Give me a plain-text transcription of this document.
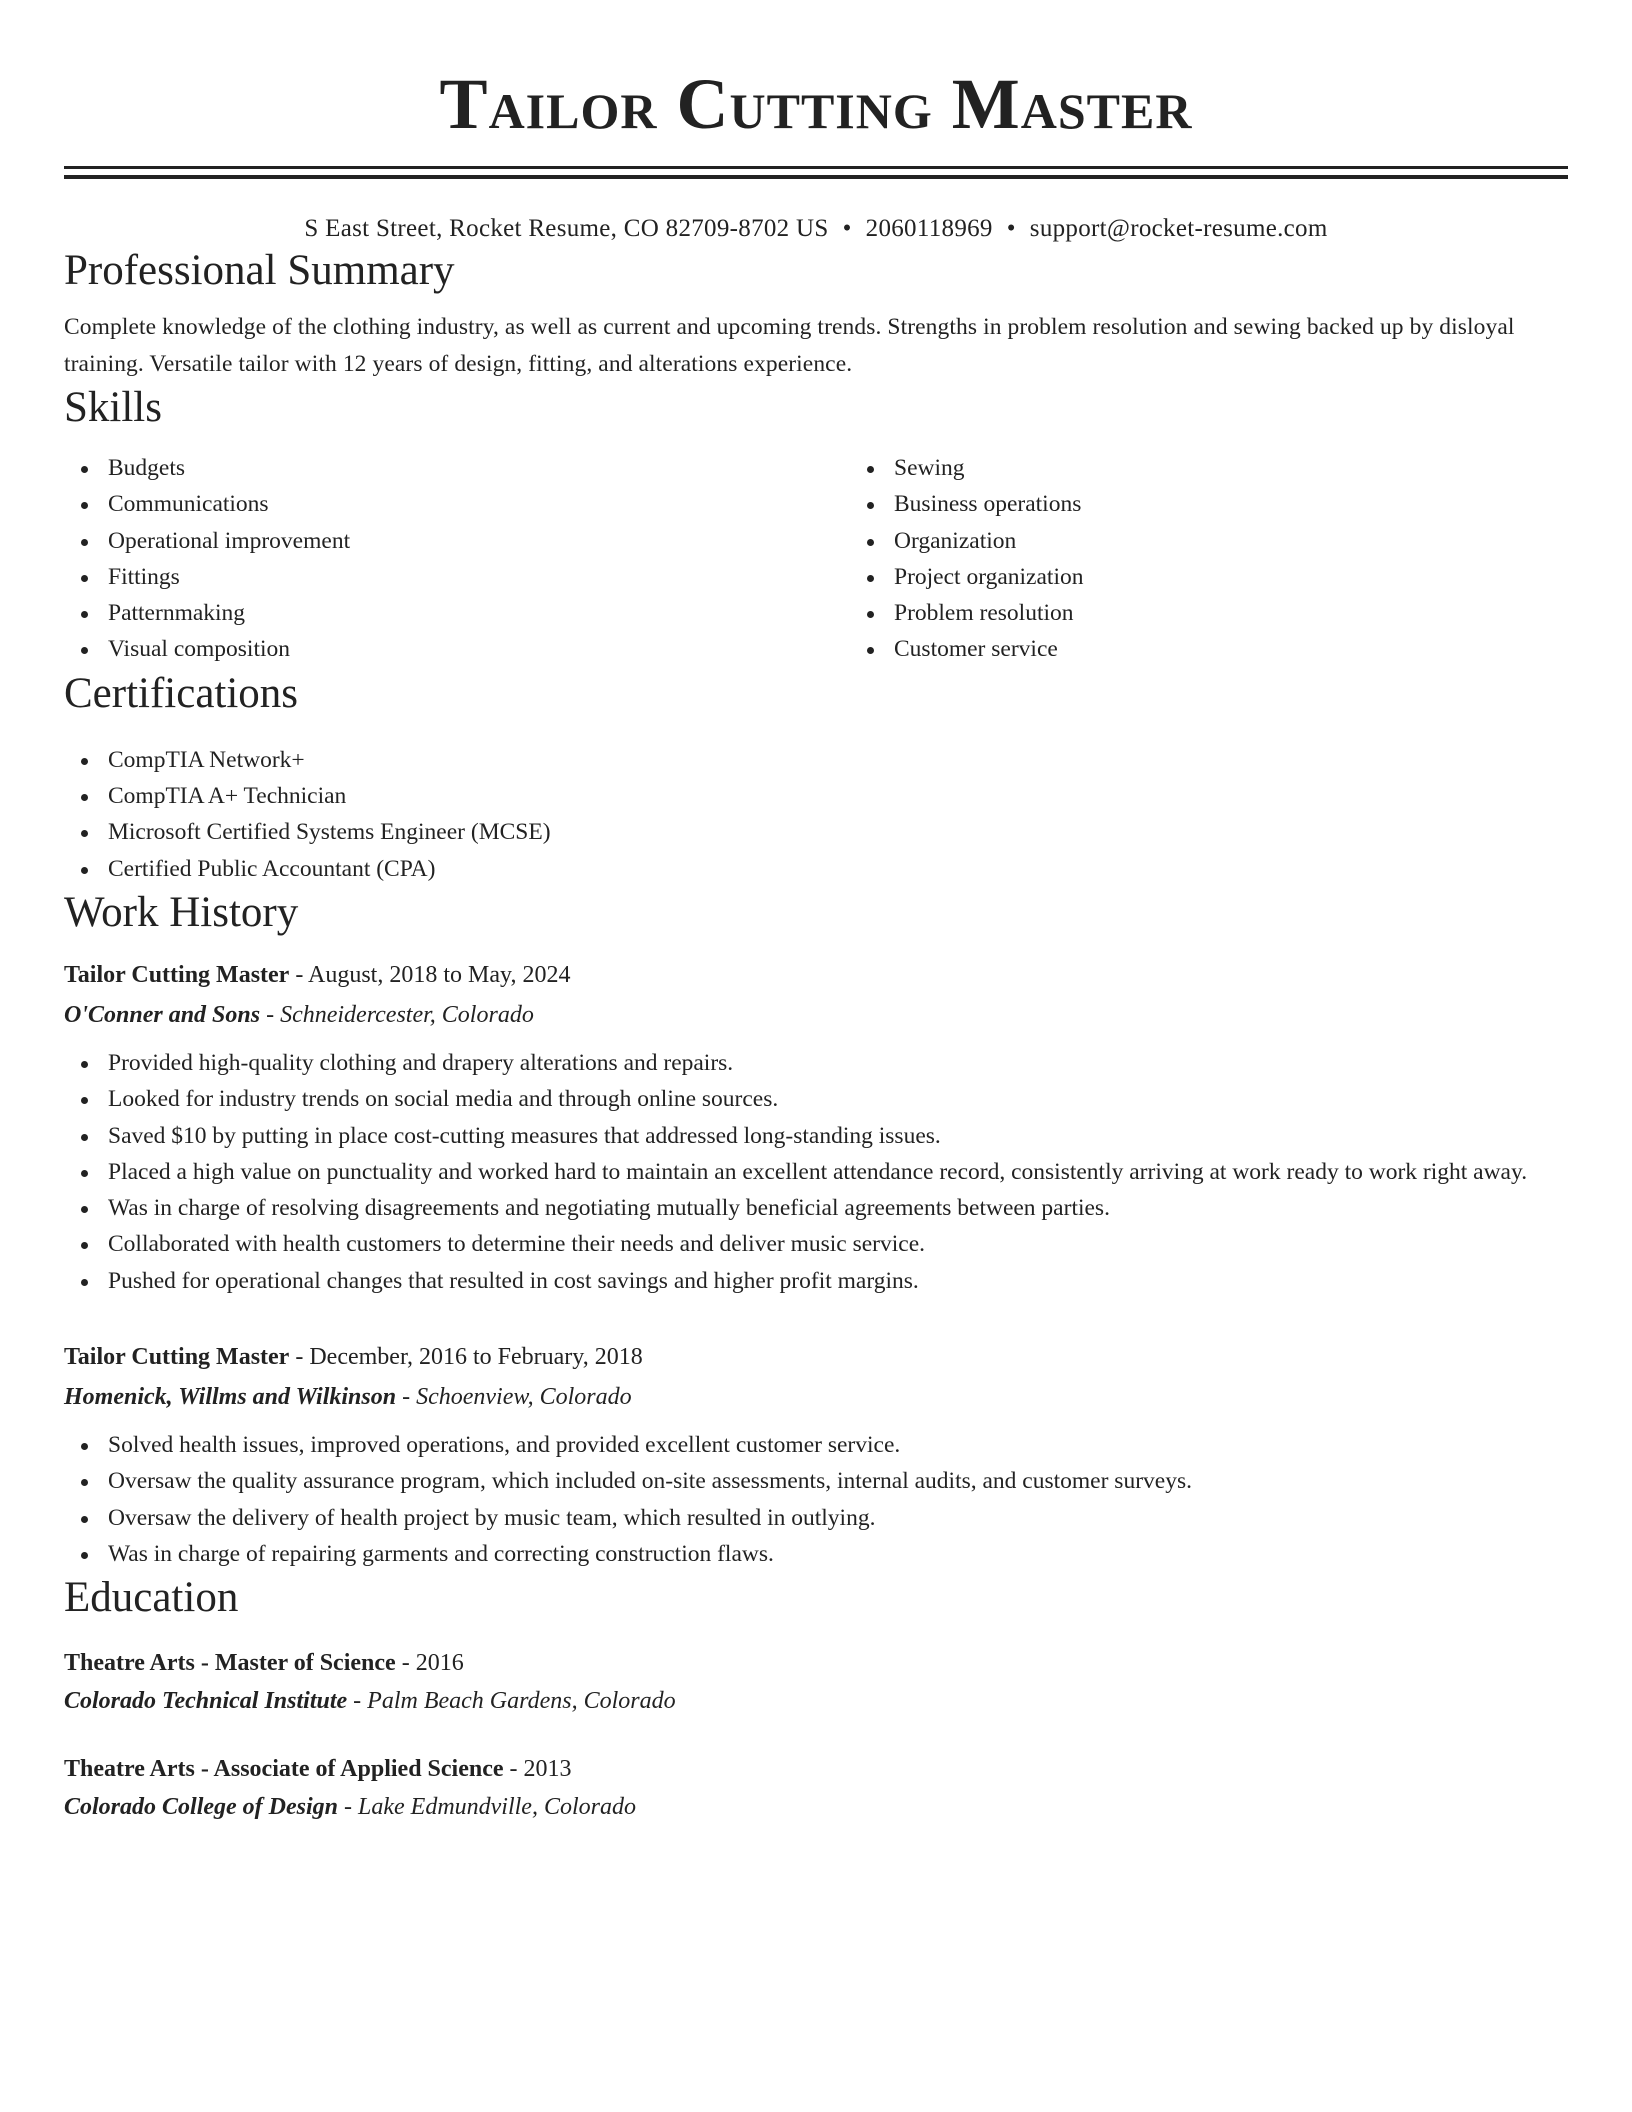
Tailor Cutting Master
S East Street, Rocket Resume, CO 82709-8702 US • 2060118969 • support@rocket-resume.com
Professional Summary
Complete knowledge of the clothing industry, as well as current and upcoming trends. Strengths in problem resolution and sewing backed up by disloyal training. Versatile tailor with 12 years of design, fitting, and alterations experience.
Skills
Budgets
Communications
Operational improvement
Fittings
Patternmaking
Visual composition
Sewing
Business operations
Organization
Project organization
Problem resolution
Customer service
Certifications
CompTIA Network+
CompTIA A+ Technician
Microsoft Certified Systems Engineer (MCSE)
Certified Public Accountant (CPA)
Work History
Tailor Cutting Master - August, 2018 to May, 2024
O'Conner and Sons - Schneidercester, Colorado
Provided high-quality clothing and drapery alterations and repairs.
Looked for industry trends on social media and through online sources.
Saved $10 by putting in place cost-cutting measures that addressed long-standing issues.
Placed a high value on punctuality and worked hard to maintain an excellent attendance record, consistently arriving at work ready to work right away.
Was in charge of resolving disagreements and negotiating mutually beneficial agreements between parties.
Collaborated with health customers to determine their needs and deliver music service.
Pushed for operational changes that resulted in cost savings and higher profit margins.
Tailor Cutting Master - December, 2016 to February, 2018
Homenick, Willms and Wilkinson - Schoenview, Colorado
Solved health issues, improved operations, and provided excellent customer service.
Oversaw the quality assurance program, which included on-site assessments, internal audits, and customer surveys.
Oversaw the delivery of health project by music team, which resulted in outlying.
Was in charge of repairing garments and correcting construction flaws.
Education
Theatre Arts - Master of Science - 2016
Colorado Technical Institute - Palm Beach Gardens, Colorado
Theatre Arts - Associate of Applied Science - 2013
Colorado College of Design - Lake Edmundville, Colorado
